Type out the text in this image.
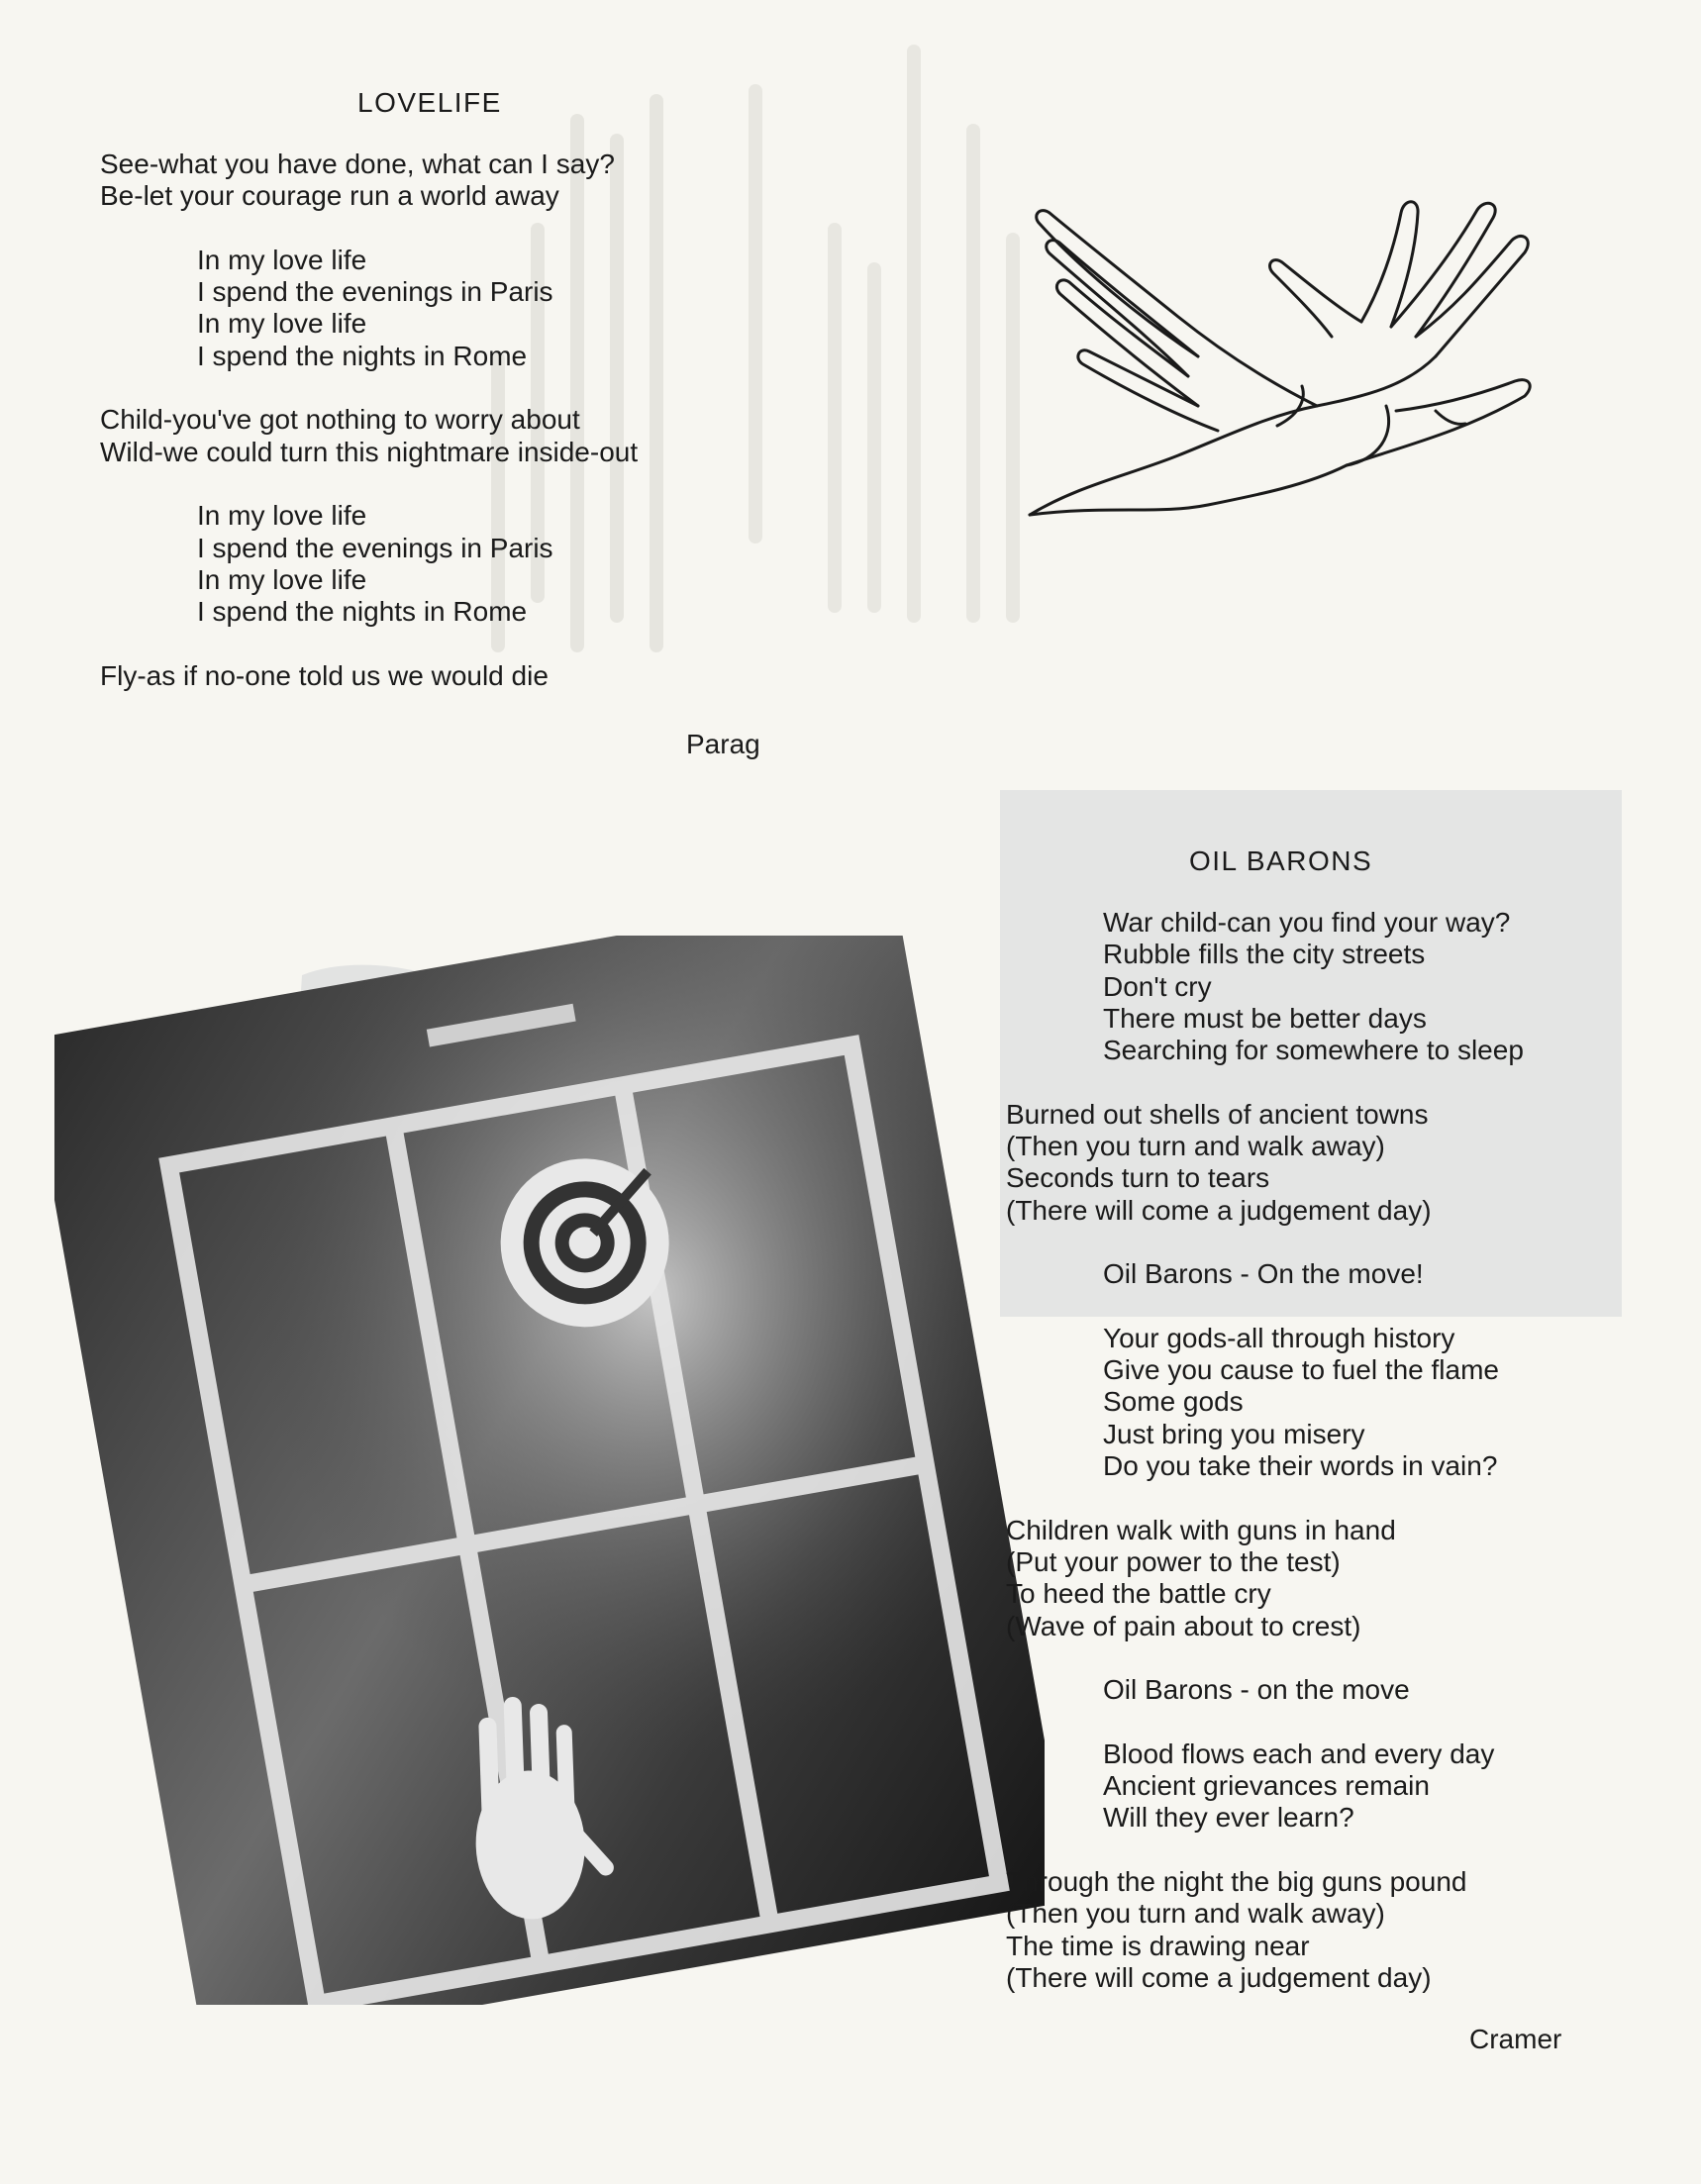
LOVELIFE
See-what you have done, what can I say?
Be-let your courage run a world away
In my love life
I spend the evenings in Paris
In my love life
I spend the nights in Rome
Child-you've got nothing to worry about
Wild-we could turn this nightmare inside-out
In my love life
I spend the evenings in Paris
In my love life
I spend the nights in Rome
Fly-as if no-one told us we would die
Parag
OIL BARONS
War child-can you find your way?
Rubble fills the city streets
Don't cry
There must be better days
Searching for somewhere to sleep
Burned out shells of ancient towns
(Then you turn and walk away)
Seconds turn to tears
(There will come a judgement day)
Oil Barons - On the move!
Your gods-all through history
Give you cause to fuel the flame
Some gods
Just bring you misery
Do you take their words in vain?
Children walk with guns in hand
(Put your power to the test)
To heed the battle cry
(Wave of pain about to crest)
Oil Barons - on the move
Blood flows each and every day
Ancient grievances remain
Will they ever learn?
Through the night the big guns pound
(Then you turn and walk away)
The time is drawing near
(There will come a judgement day)
Cramer
